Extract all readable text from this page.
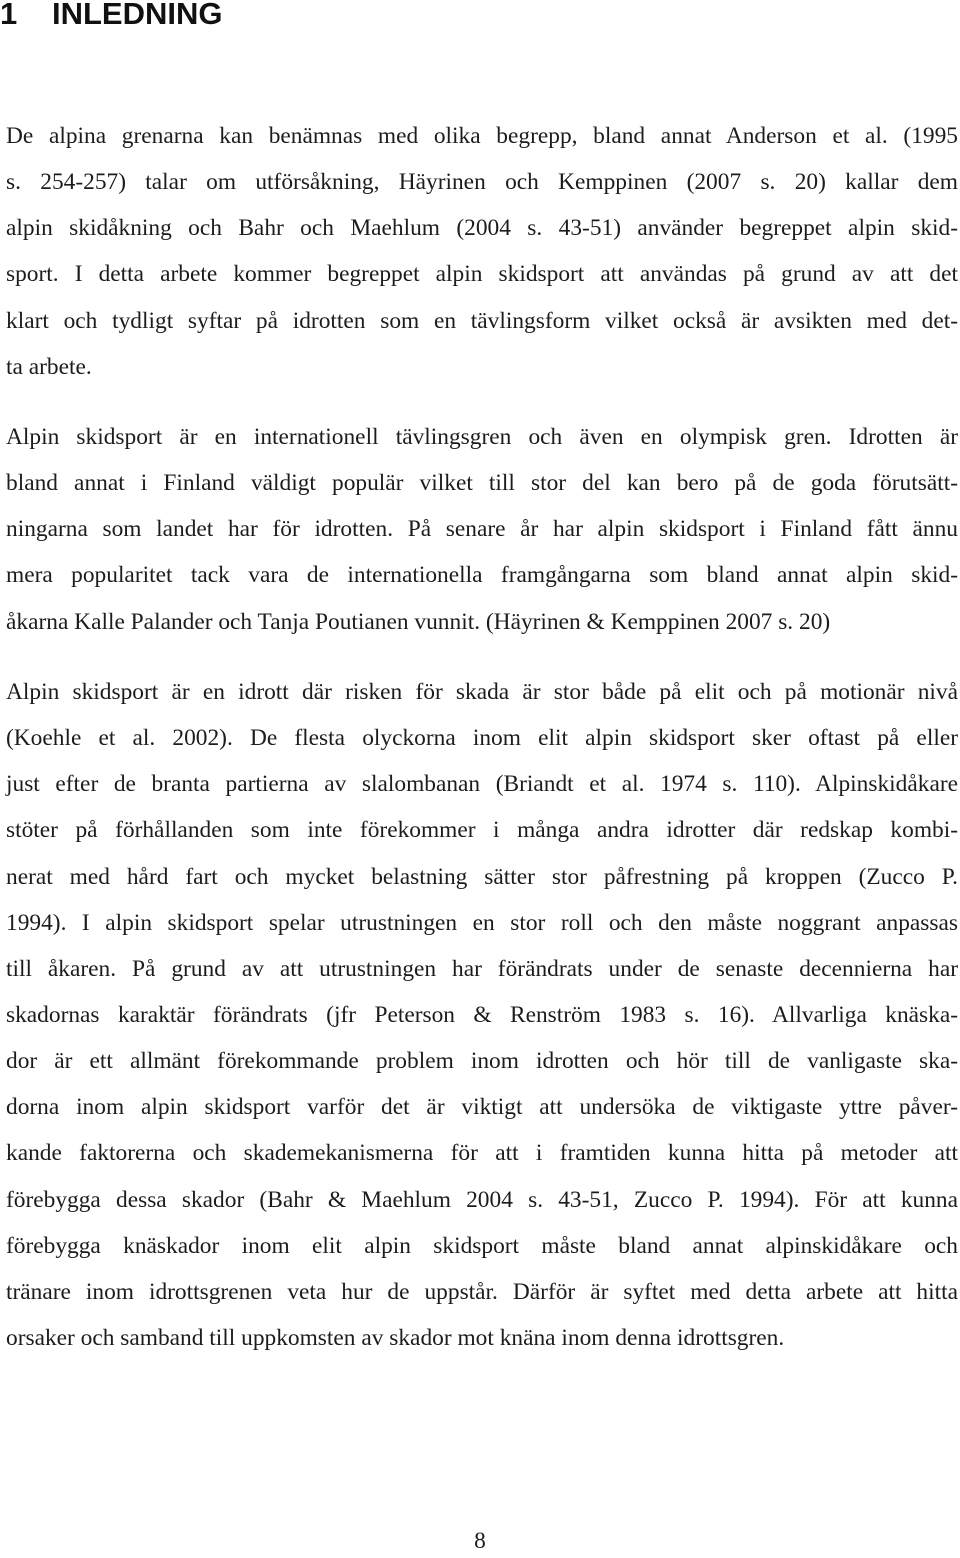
1 INLEDNING

De alpina grenarna kan benämnas med olika begrepp, bland annat Anderson et al. (1995
s. 254-257) talar om utförsåkning, Häyrinen och Kemppinen (2007 s. 20) kallar dem
alpin skidåkning och Bahr och Maehlum (2004 s. 43-51) använder begreppet alpin skid-
sport. I detta arbete kommer begreppet alpin skidsport att användas på grund av att det
klart och tydligt syftar på idrotten som en tävlingsform vilket också är avsikten med det-
ta arbete.

Alpin skidsport är en internationell tävlingsgren och även en olympisk gren. Idrotten är
bland annat i Finland väldigt populär vilket till stor del kan bero på de goda förutsätt-
ningarna som landet har för idrotten. På senare år har alpin skidsport i Finland fått ännu
mera popularitet tack vara de internationella framgångarna som bland annat alpin skid-
åkarna Kalle Palander och Tanja Poutianen vunnit. (Häyrinen & Kemppinen 2007 s. 20)

Alpin skidsport är en idrott där risken för skada är stor både på elit och på motionär nivå
(Koehle et al. 2002). De flesta olyckorna inom elit alpin skidsport sker oftast på eller
just efter de branta partierna av slalombanan (Briandt et al. 1974 s. 110). Alpinskidåkare
stöter på förhållanden som inte förekommer i många andra idrotter där redskap kombi-
nerat med hård fart och mycket belastning sätter stor påfrestning på kroppen (Zucco P.
1994). I alpin skidsport spelar utrustningen en stor roll och den måste noggrant anpassas
till åkaren. På grund av att utrustningen har förändrats under de senaste decennierna har
skadornas karaktär förändrats (jfr Peterson & Renström 1983 s. 16). Allvarliga knäska-
dor är ett allmänt förekommande problem inom idrotten och hör till de vanligaste ska-
dorna inom alpin skidsport varför det är viktigt att undersöka de viktigaste yttre påver-
kande faktorerna och skademekanismerna för att i framtiden kunna hitta på metoder att
förebygga dessa skador (Bahr & Maehlum 2004 s. 43-51, Zucco P. 1994). För att kunna
förebygga knäskador inom elit alpin skidsport måste bland annat alpinskidåkare och
tränare inom idrottsgrenen veta hur de uppstår. Därför är syftet med detta arbete att hitta
orsaker och samband till uppkomsten av skador mot knäna inom denna idrottsgren.

8
